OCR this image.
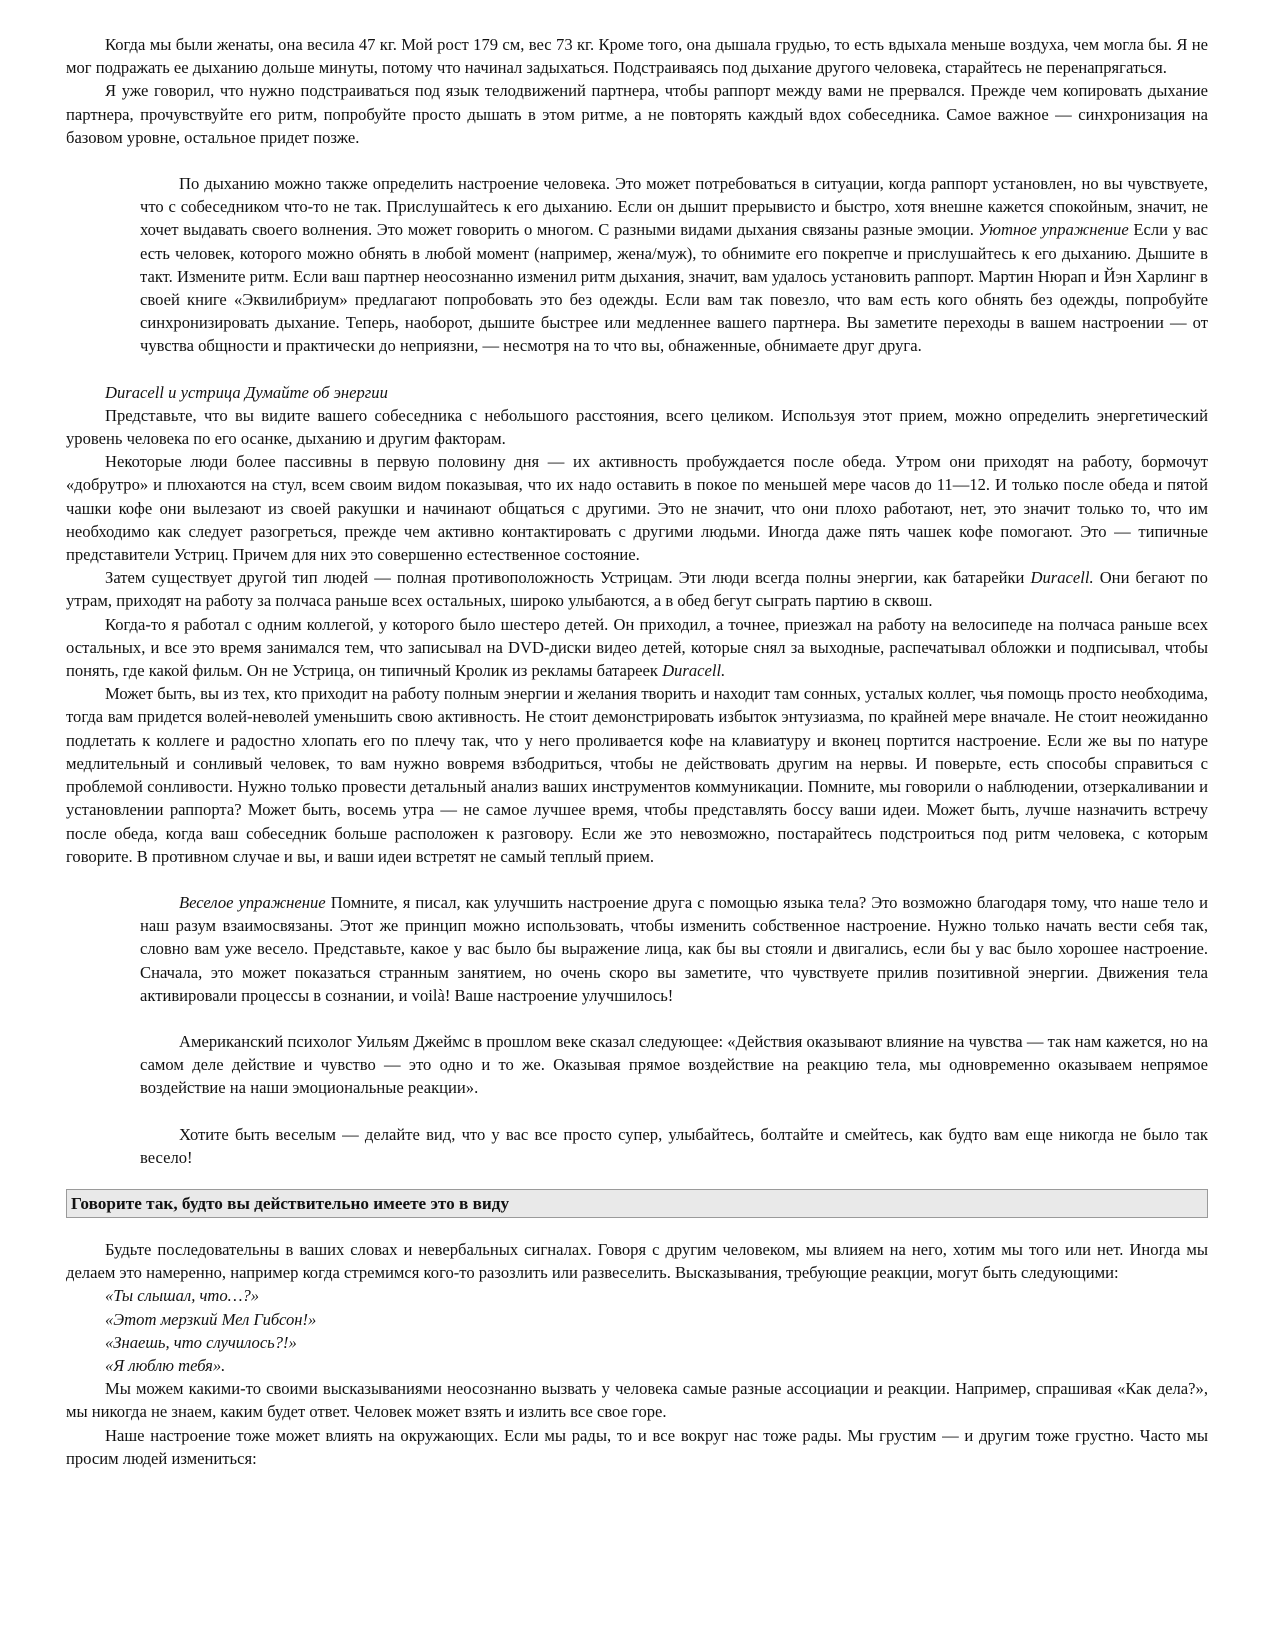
Когда мы были женаты, она весила 47 кг. Мой рост 179 см, вес 73 кг. Кроме того, она дышала грудью, то есть вдыхала меньше воздуха, чем могла бы. Я не мог подражать ее дыханию дольше минуты, потому что начинал задыхаться. Подстраиваясь под дыхание другого человека, старайтесь не перенапрягаться.

Я уже говорил, что нужно подстраиваться под язык телодвижений партнера, чтобы раппорт между вами не прервался. Прежде чем копировать дыхание партнера, прочувствуйте его ритм, попробуйте просто дышать в этом ритме, а не повторять каждый вдох собеседника. Самое важное — синхронизация на базовом уровне, остальное придет позже.

По дыханию можно также определить настроение человека. Это может потребоваться в ситуации, когда раппорт установлен, но вы чувствуете, что с собеседником что-то не так. Прислушайтесь к его дыханию. Если он дышит прерывисто и быстро, хотя внешне кажется спокойным, значит, не хочет выдавать своего волнения. Это может говорить о многом. С разными видами дыхания связаны разные эмоции. Уютное упражнение Если у вас есть человек, которого можно обнять в любой момент (например, жена/муж), то обнимите его покрепче и прислушайтесь к его дыханию. Дышите в такт. Измените ритм. Если ваш партнер неосознанно изменил ритм дыхания, значит, вам удалось установить раппорт. Мартин Нюрап и Йэн Харлинг в своей книге «Эквилибриум» предлагают попробовать это без одежды. Если вам так повезло, что вам есть кого обнять без одежды, попробуйте синхронизировать дыхание. Теперь, наоборот, дышите быстрее или медленнее вашего партнера. Вы заметите переходы в вашем настроении — от чувства общности и практически до неприязни, — несмотря на то что вы, обнаженные, обнимаете друг друга.

Duracell и устрица Думайте об энергии

Представьте, что вы видите вашего собеседника с небольшого расстояния, всего целиком. Используя этот прием, можно определить энергетический уровень человека по его осанке, дыханию и другим факторам.

Некоторые люди более пассивны в первую половину дня — их активность пробуждается после обеда. Утром они приходят на работу, бормочут «добрутро» и плюхаются на стул, всем своим видом показывая, что их надо оставить в покое по меньшей мере часов до 11—12. И только после обеда и пятой чашки кофе они вылезают из своей ракушки и начинают общаться с другими. Это не значит, что они плохо работают, нет, это значит только то, что им необходимо как следует разогреться, прежде чем активно контактировать с другими людьми. Иногда даже пять чашек кофе помогают. Это — типичные представители Устриц. Причем для них это совершенно естественное состояние.

Затем существует другой тип людей — полная противоположность Устрицам. Эти люди всегда полны энергии, как батарейки Duracell. Они бегают по утрам, приходят на работу за полчаса раньше всех остальных, широко улыбаются, а в обед бегут сыграть партию в сквош.

Когда-то я работал с одним коллегой, у которого было шестеро детей. Он приходил, а точнее, приезжал на работу на велосипеде на полчаса раньше всех остальных, и все это время занимался тем, что записывал на DVD-диски видео детей, которые снял за выходные, распечатывал обложки и подписывал, чтобы понять, где какой фильм. Он не Устрица, он типичный Кролик из рекламы батареек Duracell.

Может быть, вы из тех, кто приходит на работу полным энергии и желания творить и находит там сонных, усталых коллег, чья помощь просто необходима, тогда вам придется волей-неволей уменьшить свою активность. Не стоит демонстрировать избыток энтузиазма, по крайней мере вначале. Не стоит неожиданно подлетать к коллеге и радостно хлопать его по плечу так, что у него проливается кофе на клавиатуру и вконец портится настроение. Если же вы по натуре медлительный и сонливый человек, то вам нужно вовремя взбодриться, чтобы не действовать другим на нервы. И поверьте, есть способы справиться с проблемой сонливости. Нужно только провести детальный анализ ваших инструментов коммуникации. Помните, мы говорили о наблюдении, отзеркаливании и установлении раппорта? Может быть, восемь утра — не самое лучшее время, чтобы представлять боссу ваши идеи. Может быть, лучше назначить встречу после обеда, когда ваш собеседник больше расположен к разговору. Если же это невозможно, постарайтесь подстроиться под ритм человека, с которым говорите. В противном случае и вы, и ваши идеи встретят не самый теплый прием.

Веселое упражнение Помните, я писал, как улучшить настроение друга с помощью языка тела? Это возможно благодаря тому, что наше тело и наш разум взаимосвязаны. Этот же принцип можно использовать, чтобы изменить собственное настроение. Нужно только начать вести себя так, словно вам уже весело. Представьте, какое у вас было бы выражение лица, как бы вы стояли и двигались, если бы у вас было хорошее настроение. Сначала, это может показаться странным занятием, но очень скоро вы заметите, что чувствуете прилив позитивной энергии. Движения тела активировали процессы в сознании, и voilà! Ваше настроение улучшилось!

Американский психолог Уильям Джеймс в прошлом веке сказал следующее: «Действия оказывают влияние на чувства — так нам кажется, но на самом деле действие и чувство — это одно и то же. Оказывая прямое воздействие на реакцию тела, мы одновременно оказываем непрямое воздействие на наши эмоциональные реакции».

Хотите быть веселым — делайте вид, что у вас все просто супер, улыбайтесь, болтайте и смейтесь, как будто вам еще никогда не было так весело!

Говорите так, будто вы действительно имеете это в виду

Будьте последовательны в ваших словах и невербальных сигналах. Говоря с другим человеком, мы влияем на него, хотим мы того или нет. Иногда мы делаем это намеренно, например когда стремимся кого-то разозлить или развеселить. Высказывания, требующие реакции, могут быть следующими:

«Ты слышал, что…?»

«Этот мерзкий Мел Гибсон!»

«Знаешь, что случилось?!»

«Я люблю тебя».

Мы можем какими-то своими высказываниями неосознанно вызвать у человека самые разные ассоциации и реакции. Например, спрашивая «Как дела?», мы никогда не знаем, каким будет ответ. Человек может взять и излить все свое горе.

Наше настроение тоже может влиять на окружающих. Если мы рады, то и все вокруг нас тоже рады. Мы грустим — и другим тоже грустно. Часто мы просим людей измениться:
